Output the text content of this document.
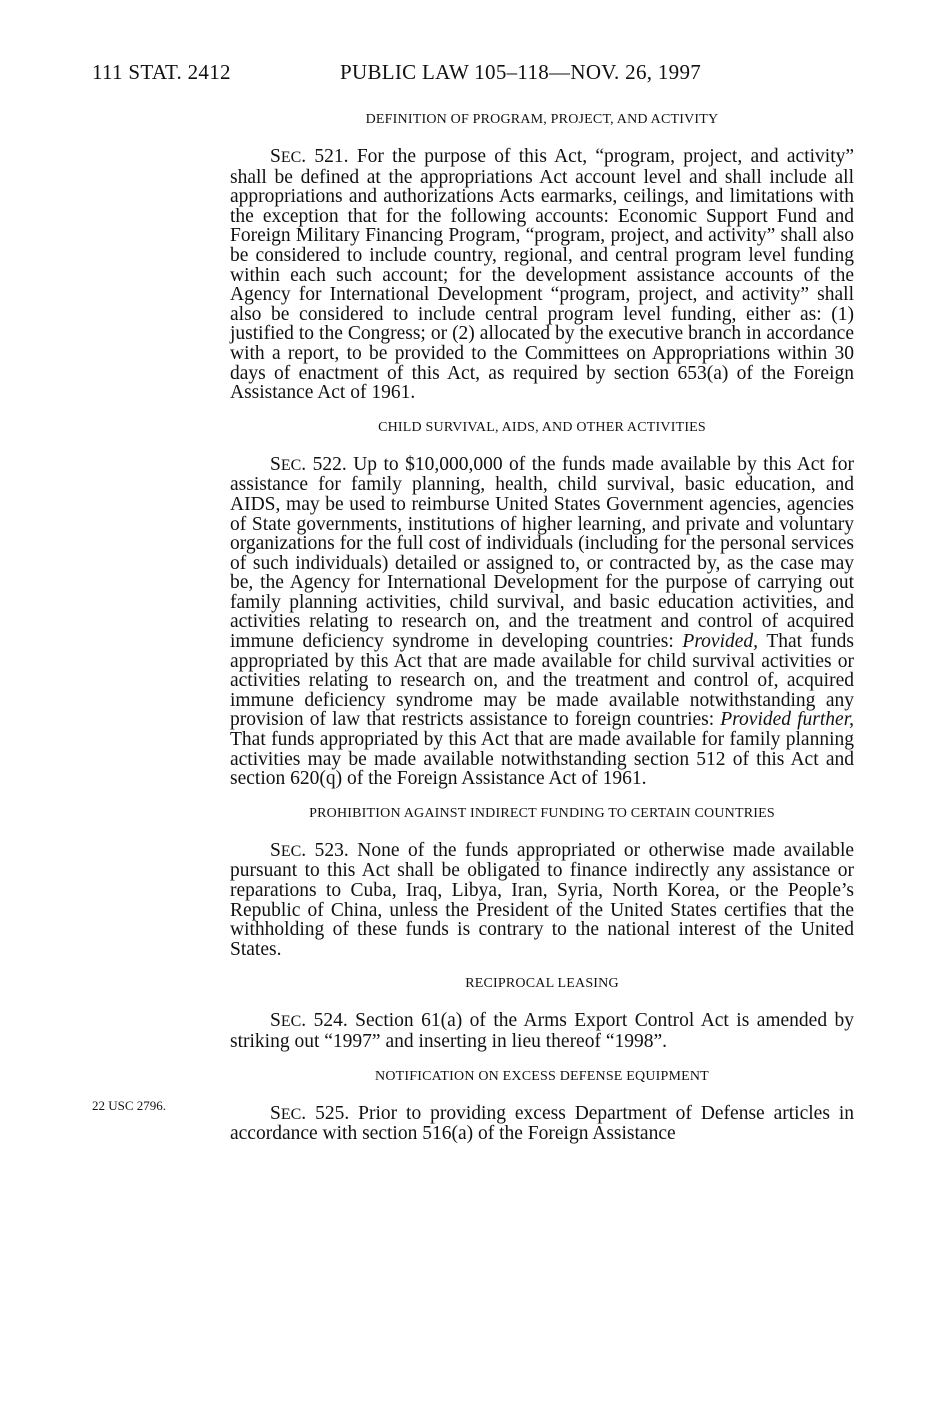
111 STAT. 2412	PUBLIC LAW 105–118—NOV. 26, 1997
22 USC 2796.
DEFINITION OF PROGRAM, PROJECT, AND ACTIVITY

SEC. 521. For the purpose of this Act, “program, project, and activity” shall be defined at the appropriations Act account level and shall include all appropriations and authorizations Acts earmarks, ceilings, and limitations with the exception that for the following accounts: Economic Support Fund and Foreign Military Financing Program, “program, project, and activity” shall also be considered to include country, regional, and central program level funding within each such account; for the development assistance accounts of the Agency for International Development “program, project, and activity” shall also be considered to include central program level funding, either as: (1) justified to the Congress; or (2) allocated by the executive branch in accordance with a report, to be provided to the Committees on Appropriations within 30 days of enactment of this Act, as required by section 653(a) of the Foreign Assistance Act of 1961.

CHILD SURVIVAL, AIDS, AND OTHER ACTIVITIES

SEC. 522. Up to $10,000,000 of the funds made available by this Act for assistance for family planning, health, child survival, basic education, and AIDS, may be used to reimburse United States Government agencies, agencies of State governments, institutions of higher learning, and private and voluntary organizations for the full cost of individuals (including for the personal services of such individuals) detailed or assigned to, or contracted by, as the case may be, the Agency for International Development for the purpose of carrying out family planning activities, child survival, and basic education activities, and activities relating to research on, and the treatment and control of acquired immune deficiency syndrome in developing countries: Provided, That funds appropriated by this Act that are made available for child survival activities or activities relating to research on, and the treatment and control of, acquired immune deficiency syndrome may be made available notwithstanding any provision of law that restricts assistance to foreign countries: Provided further, That funds appropriated by this Act that are made available for family planning activities may be made available notwithstanding section 512 of this Act and section 620(q) of the Foreign Assistance Act of 1961.

PROHIBITION AGAINST INDIRECT FUNDING TO CERTAIN COUNTRIES

SEC. 523. None of the funds appropriated or otherwise made available pursuant to this Act shall be obligated to finance indirectly any assistance or reparations to Cuba, Iraq, Libya, Iran, Syria, North Korea, or the People’s Republic of China, unless the President of the United States certifies that the withholding of these funds is contrary to the national interest of the United States.

RECIPROCAL LEASING

SEC. 524. Section 61(a) of the Arms Export Control Act is amended by striking out “1997” and inserting in lieu thereof “1998”.

NOTIFICATION ON EXCESS DEFENSE EQUIPMENT

SEC. 525. Prior to providing excess Department of Defense articles in accordance with section 516(a) of the Foreign Assistance
